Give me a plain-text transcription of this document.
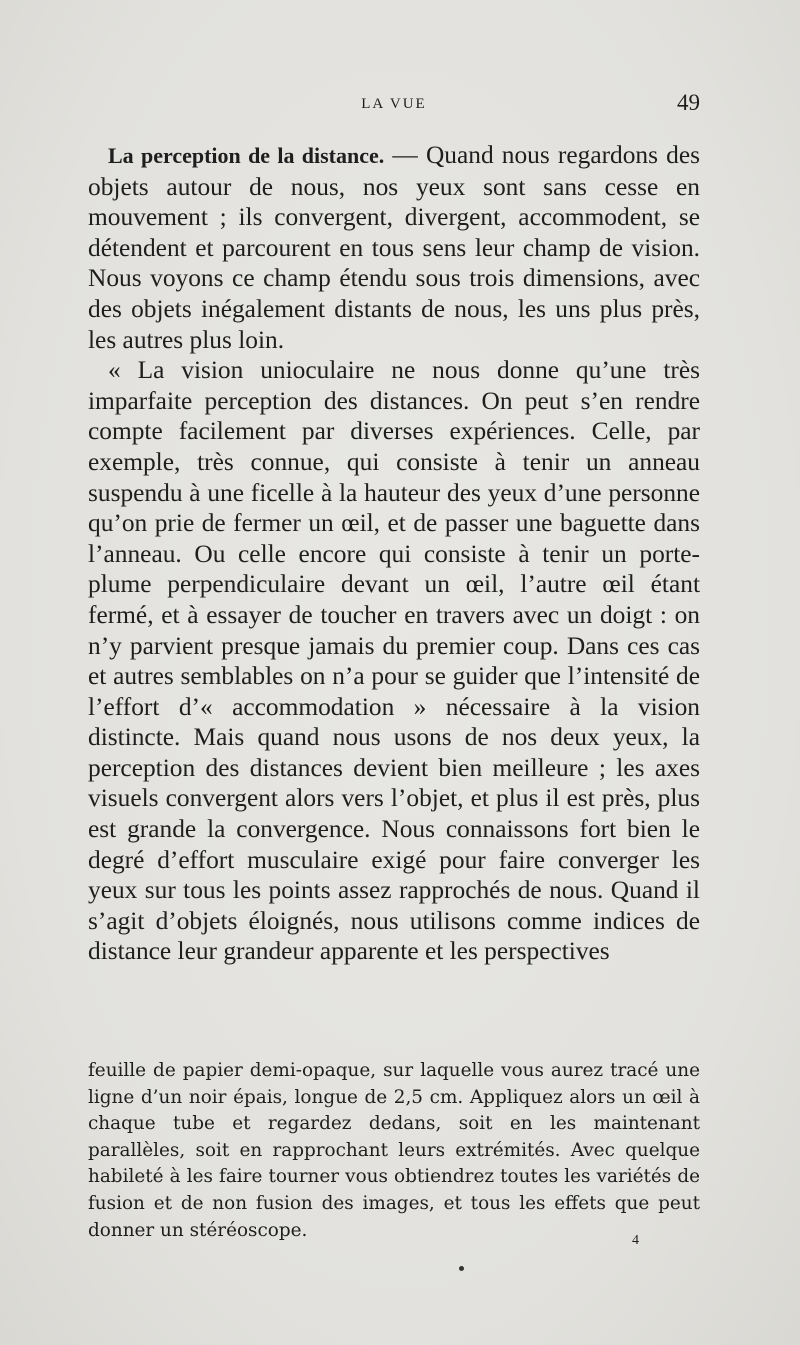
LA VUE	49

La perception de la distance. — Quand nous regardons des objets autour de nous, nos yeux sont sans cesse en mouvement ; ils convergent, divergent, accommodent, se détendent et parcourent en tous sens leur champ de vision. Nous voyons ce champ étendu sous trois dimensions, avec des objets inégalement distants de nous, les uns plus près, les autres plus loin.

« La vision unioculaire ne nous donne qu’une très imparfaite perception des distances. On peut s’en rendre compte facilement par diverses expériences. Celle, par exemple, très connue, qui consiste à tenir un anneau suspendu à une ficelle à la hauteur des yeux d’une personne qu’on prie de fermer un œil, et de passer une baguette dans l’anneau. Ou celle encore qui consiste à tenir un porte-plume perpendiculaire devant un œil, l’autre œil étant fermé, et à essayer de toucher en travers avec un doigt : on n’y parvient presque jamais du premier coup. Dans ces cas et autres semblables on n’a pour se guider que l’intensité de l’effort d’« accommodation » nécessaire à la vision distincte. Mais quand nous usons de nos deux yeux, la perception des distances devient bien meilleure ; les axes visuels convergent alors vers l’objet, et plus il est près, plus est grande la convergence. Nous connaissons fort bien le degré d’effort musculaire exigé pour faire converger les yeux sur tous les points assez rapprochés de nous. Quand il s’agit d’objets éloignés, nous utilisons comme indices de distance leur grandeur apparente et les perspectives

feuille de papier demi-opaque, sur laquelle vous aurez tracé une ligne d’un noir épais, longue de 2,5 cm. Appliquez alors un œil à chaque tube et regardez dedans, soit en les maintenant parallèles, soit en rapprochant leurs extrémités. Avec quelque habileté à les faire tourner vous obtiendrez toutes les variétés de fusion et de non fusion des images, et tous les effets que peut donner un stéréoscope.	4
